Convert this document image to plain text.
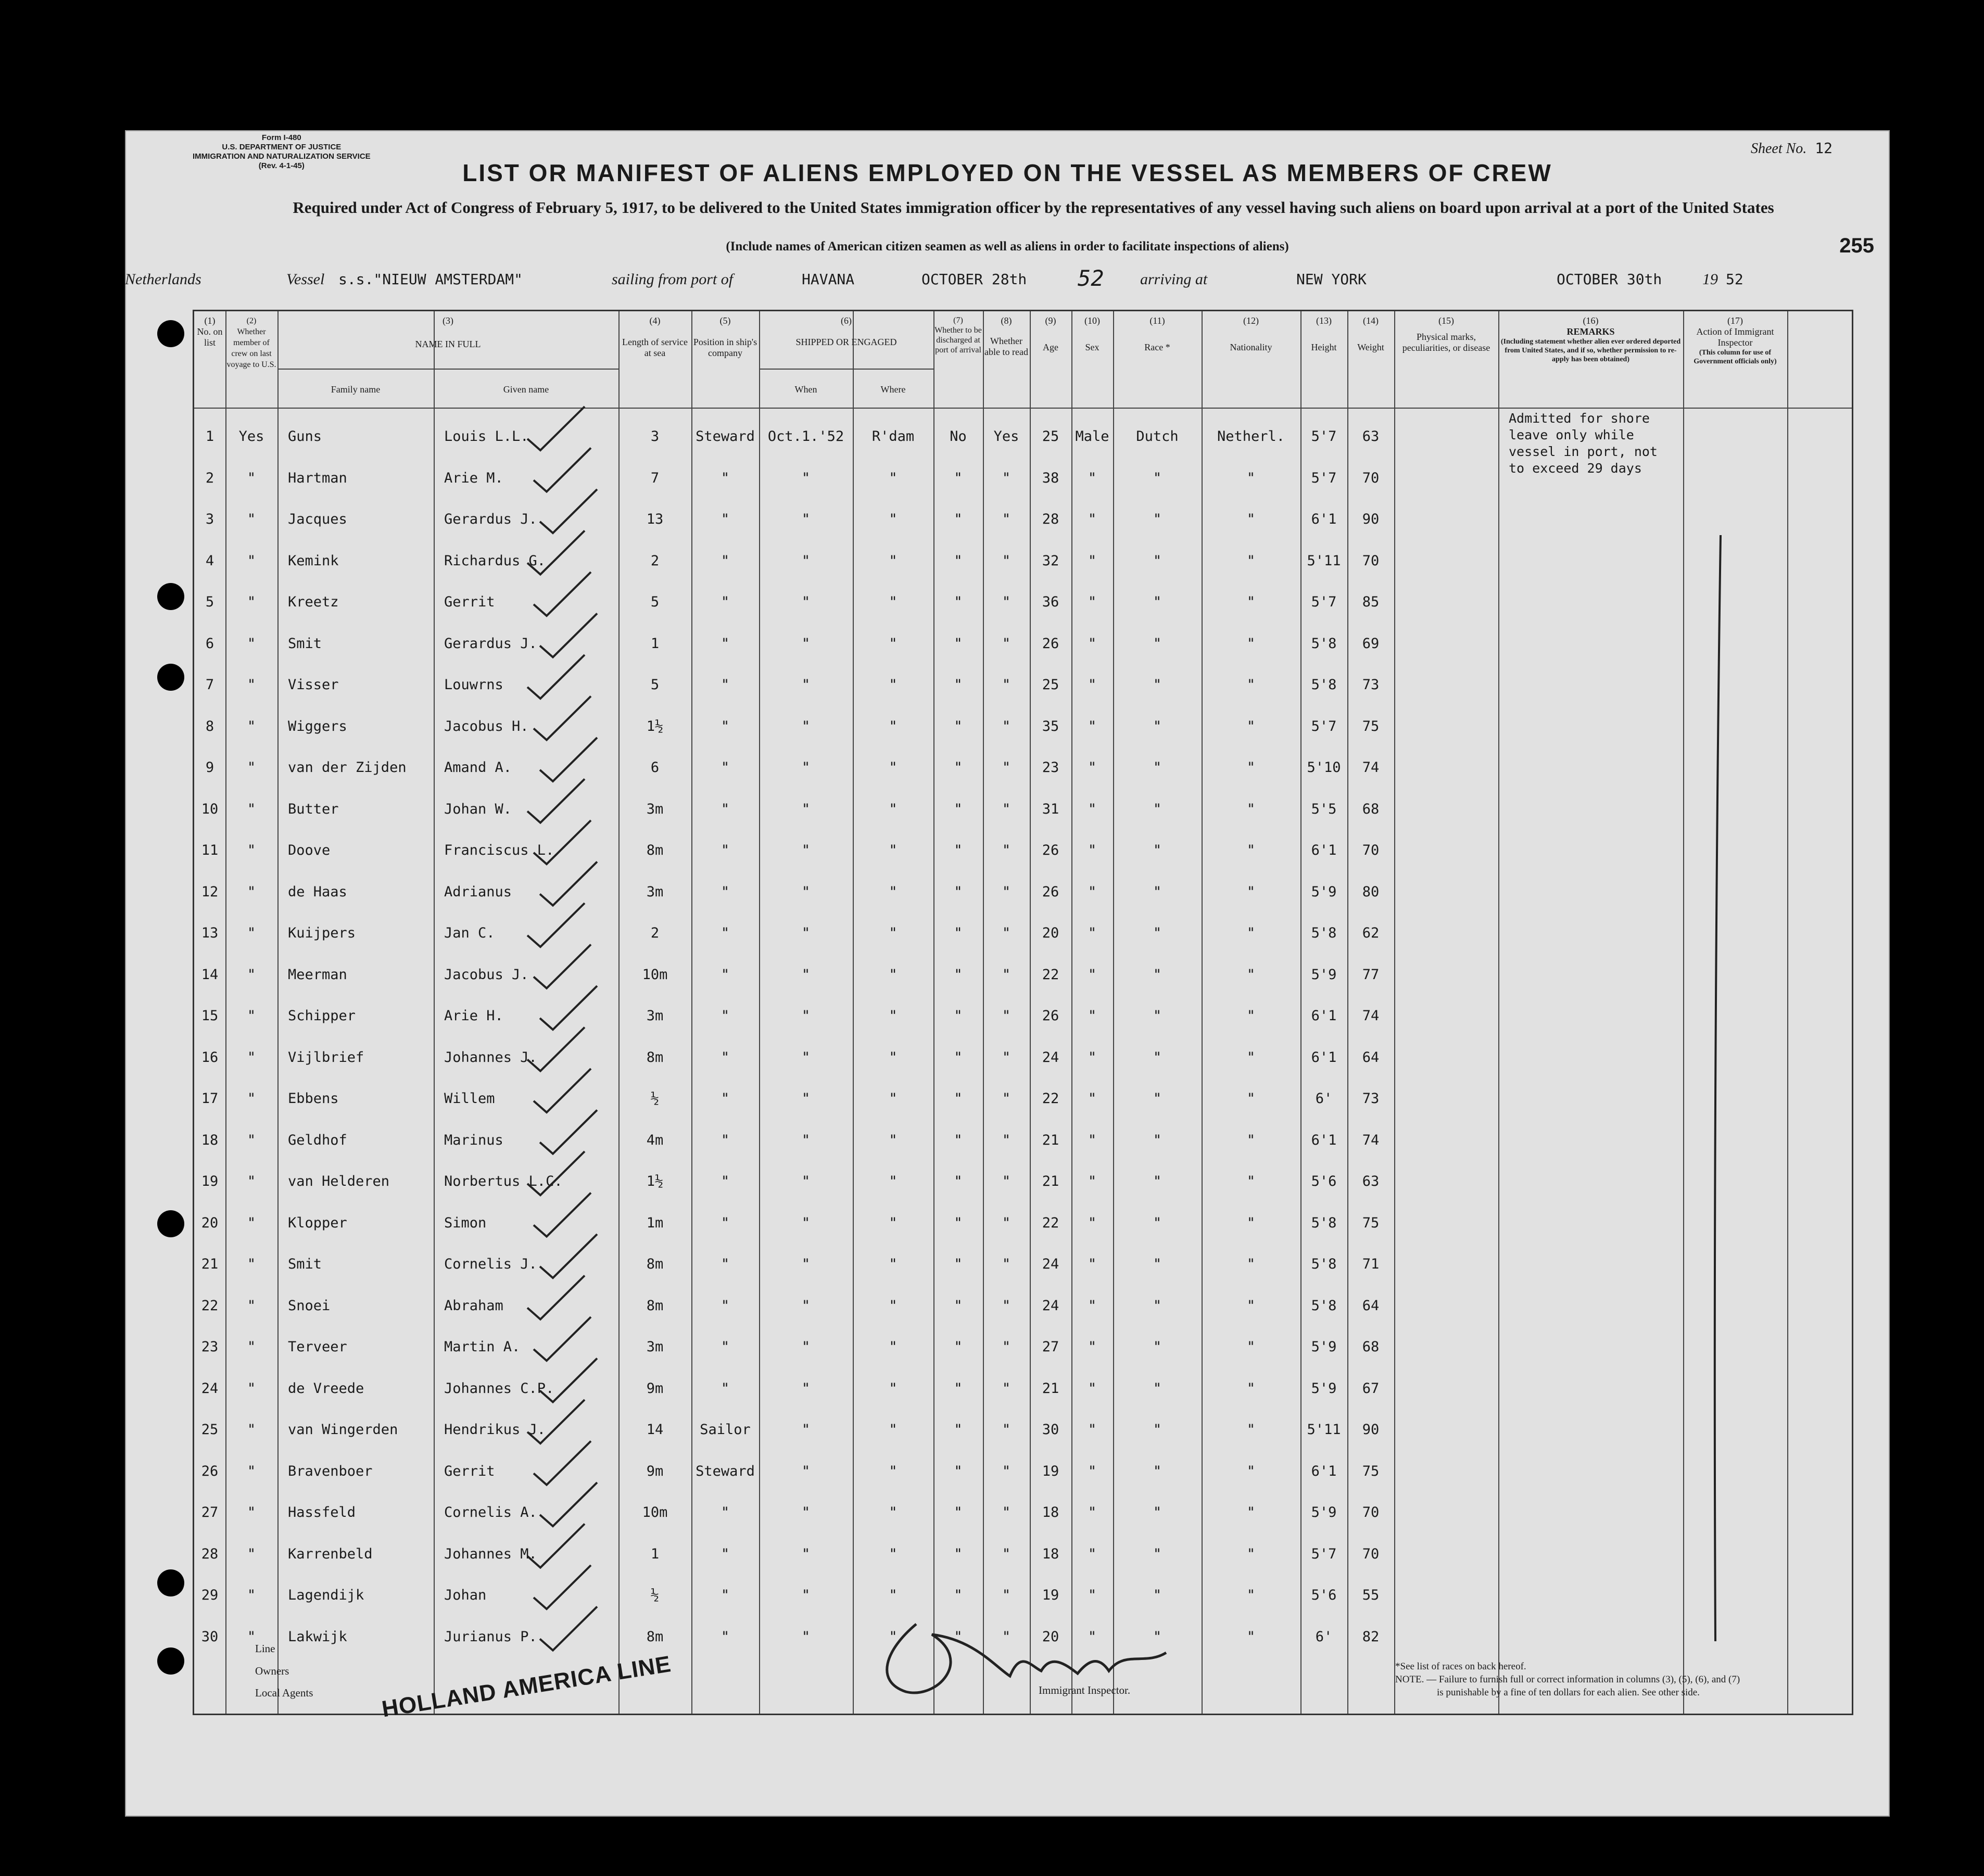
Form I-480
U.S. DEPARTMENT OF JUSTICE
IMMIGRATION AND NATURALIZATION SERVICE
(Rev. 4-1-45)
Sheet No. 12
LIST OR MANIFEST OF ALIENS EMPLOYED ON THE VESSEL AS MEMBERS OF CREW
Required under Act of Congress of February 5, 1917, to be delivered to the United States immigration officer by the representatives of any vessel having such aliens on board upon arrival at a port of the United States
(Include names of American citizen seamen as well as aliens in order to facilitate inspections of aliens)	255
Netherlands	Vessel s.s."NIEUW AMSTERDAM"	sailing from port of	HAVANA	OCTOBER 28th 52 arriving at	NEW YORK	OCTOBER 30th	19 52
(1)
No. on list
(2)
Whether member of crew on last voyage to U.S.
(3)
NAME IN FULL
Family name	Given name
(4)
Length of service at sea
(5)
Position in ship's company
(6)
SHIPPED OR ENGAGED
When	Where
(7)
Whether to be discharged at port of arrival
(8)
Whether able to read
(9)
Age
(10)
Sex
(11)
Race *
(12)
Nationality
(13)
Height
(14)
Weight
(15)
Physical marks, peculiarities, or disease
(16)
REMARKS
(Including statement whether alien ever ordered deported from United States, and if so, whether permission to re-apply has been obtained)
(17)
Action of Immigrant Inspector
(This column for use of Government officials only)
Admitted for shore leave only while vessel in port, not to exceed 29 days
1	Yes	Guns	Louis L.L.	3	Steward Oct.1.'52	R'dam	No	Yes	25	Male	Dutch	Netherl.	5'7	63
2	"	Hartman	Arie M.	7	"	"	"	"	"	38	"	"	"	5'7	70
3	"	Jacques	Gerardus J.	13	"	"	"	"	"	28	"	"	"	6'1	90
4	"	Kemink	Richardus G.	2	"	"	"	"	"	32	"	"	"	5'11	70
5	"	Kreetz	Gerrit	5	"	"	"	"	"	36	"	"	"	5'7	85
6	"	Smit	Gerardus J.	1	"	"	"	"	"	26	"	"	"	5'8	69
7	"	Visser	Louwrns	5	"	"	"	"	"	25	"	"	"	5'8	73
8	"	Wiggers	Jacobus H.	1½	"	"	"	"	"	35	"	"	"	5'7	75
9	"	van der Zijden	Amand A.	6	"	"	"	"	"	23	"	"	"	5'10	74
10	"	Butter	Johan W.	3m	"	"	"	"	"	31	"	"	"	5'5	68
11	"	Doove	Franciscus L.	8m	"	"	"	"	"	26	"	"	"	6'1	70
12	"	de Haas	Adrianus	3m	"	"	"	"	"	26	"	"	"	5'9	80
13	"	Kuijpers	Jan C.	2	"	"	"	"	"	20	"	"	"	5'8	62
14	"	Meerman	Jacobus J.	10m	"	"	"	"	"	22	"	"	"	5'9	77
15	"	Schipper	Arie H.	3m	"	"	"	"	"	26	"	"	"	6'1	74
16	"	Vijlbrief	Johannes J.	8m	"	"	"	"	"	24	"	"	"	6'1	64
17	"	Ebbens	Willem	½	"	"	"	"	"	22	"	"	"	6'	73
18	"	Geldhof	Marinus	4m	"	"	"	"	"	21	"	"	"	6'1	74
19	"	van Helderen	Norbertus L.C.	1½	"	"	"	"	"	21	"	"	"	5'6	63
20	"	Klopper	Simon	1m	"	"	"	"	"	22	"	"	"	5'8	75
21	"	Smit	Cornelis J.	8m	"	"	"	"	"	24	"	"	"	5'8	71
22	"	Snoei	Abraham	8m	"	"	"	"	"	24	"	"	"	5'8	64
23	"	Terveer	Martin A.	3m	"	"	"	"	"	27	"	"	"	5'9	68
24	"	de Vreede	Johannes C.P.	9m	"	"	"	"	"	21	"	"	"	5'9	67
25	"	van Wingerden	Hendrikus J.	14	Sailor	"	"	"	"	30	"	"	"	5'11	90
26	"	Bravenboer	Gerrit	9m	Steward	"	"	"	"	19	"	"	"	6'1	75
27	"	Hassfeld	Cornelis A.	10m	"	"	"	"	"	18	"	"	"	5'9	70
28	"	Karrenbeld	Johannes M.	1	"	"	"	"	"	18	"	"	"	5'7	70
29	"	Lagendijk	Johan	½	"	"	"	"	"	19	"	"	"	5'6	55
30	"	Lakwijk	Jurianus P.	8m	"	"	"	"	"	20	"	"	"	6'	82
Line
Owners
Local Agents	HOLLAND AMERICA LINE	Immigrant Inspector.
*See list of races on back hereof.
NOTE. — Failure to furnish full or correct information in columns (3), (5), (6), and (7)
is punishable by a fine of ten dollars for each alien. See other side.
